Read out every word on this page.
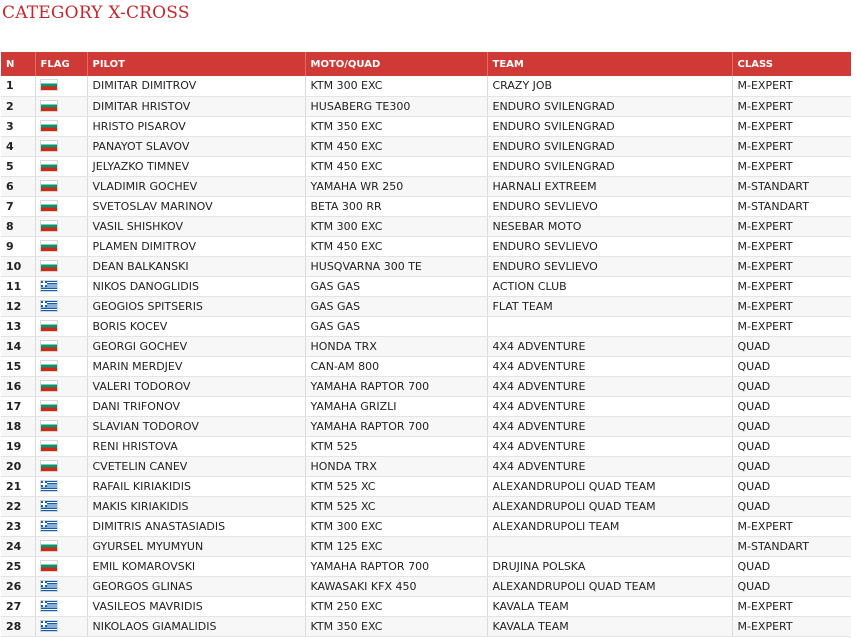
CATEGORY X-CROSS
N	FLAG	PILOT	MOTO/QUAD	TEAM	CLASS
1		DIMITAR DIMITROV	KTM 300 EXC	CRAZY JOB	M-EXPERT
2		DIMITAR HRISTOV	HUSABERG TE300	ENDURO SVILENGRAD	M-EXPERT
3		HRISTO PISAROV	KTM 350 EXC	ENDURO SVILENGRAD	M-EXPERT
4		PANAYOT SLAVOV	KTM 450 EXC	ENDURO SVILENGRAD	M-EXPERT
5		JELYAZKO TIMNEV	KTM 450 EXC	ENDURO SVILENGRAD	M-EXPERT
6		VLADIMIR GOCHEV	YAMAHA WR 250	HARNALI EXTREEM	M-STANDART
7		SVETOSLAV MARINOV	BETA 300 RR	ENDURO SEVLIEVO	M-STANDART
8		VASIL SHISHKOV	KTM 300 EXC	NESEBAR MOTO	M-EXPERT
9		PLAMEN DIMITROV	KTM 450 EXC	ENDURO SEVLIEVO	M-EXPERT
10		DEAN BALKANSKI	HUSQVARNA 300 TE	ENDURO SEVLIEVO	M-EXPERT
11		NIKOS DANOGLIDIS	GAS GAS	ACTION CLUB	M-EXPERT
12		GEOGIOS SPITSERIS	GAS GAS	FLAT TEAM	M-EXPERT
13		BORIS KOCEV	GAS GAS		M-EXPERT
14		GEORGI GOCHEV	HONDA TRX	4X4 ADVENTURE	QUAD
15		MARIN MERDJEV	CAN-AM 800	4X4 ADVENTURE	QUAD
16		VALERI TODOROV	YAMAHA RAPTOR 700	4X4 ADVENTURE	QUAD
17		DANI TRIFONOV	YAMAHA GRIZLI	4X4 ADVENTURE	QUAD
18		SLAVIAN TODOROV	YAMAHA RAPTOR 700	4X4 ADVENTURE	QUAD
19		RENI HRISTOVA	KTM 525	4X4 ADVENTURE	QUAD
20		CVETELIN CANEV	HONDA TRX	4X4 ADVENTURE	QUAD
21		RAFAIL KIRIAKIDIS	KTM 525 XC	ALEXANDRUPOLI QUAD TEAM	QUAD
22		MAKIS KIRIAKIDIS	KTM 525 XC	ALEXANDRUPOLI QUAD TEAM	QUAD
23		DIMITRIS ANASTASIADIS	KTM 300 EXC	ALEXANDRUPOLI TEAM	M-EXPERT
24		GYURSEL MYUMYUN	KTM 125 EXC		M-STANDART
25		EMIL KOMAROVSKI	YAMAHA RAPTOR 700	DRUJINA POLSKA	QUAD
26		GEORGOS GLINAS	KAWASAKI KFX 450	ALEXANDRUPOLI QUAD TEAM	QUAD
27		VASILEOS MAVRIDIS	KTM 250 EXC	KAVALA TEAM	M-EXPERT
28		NIKOLAOS GIAMALIDIS	KTM 350 EXC	KAVALA TEAM	M-EXPERT
